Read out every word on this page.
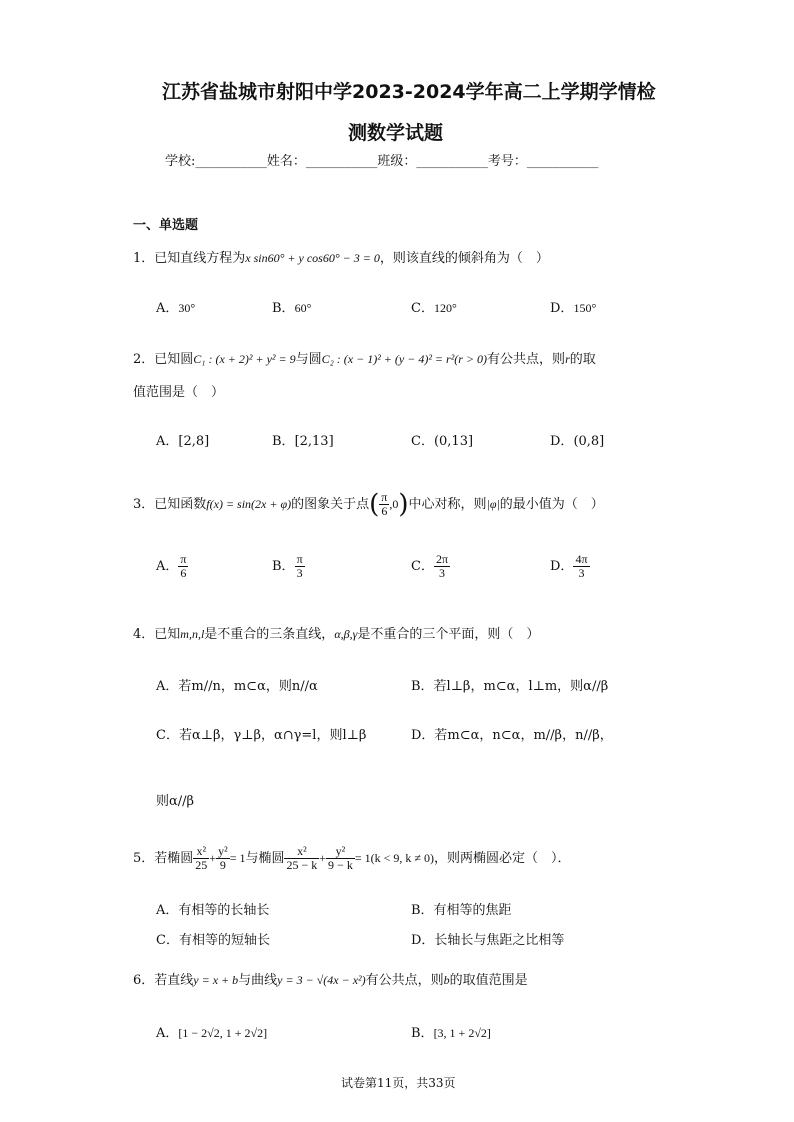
江苏省盐城市射阳中学2023-2024学年高二上学期学情检
测数学试题
学校:___________姓名：___________班级：___________考号：___________
一、单选题
1．已知直线方程为x sin60° + y cos60° − 3 = 0，则该直线的倾斜角为（　）
A．30°	B．60°	C．120°	D．150°
2．已知圆C₁ : (x + 2)² + y² = 9与圆C₂ : (x − 1)² + (y − 4)² = r²(r > 0)有公共点，则r的取
值范围是（　）
A．[2,8]	B．[2,13]	C．(0,13]	D．(0,8]
3．已知函数f(x) = sin(2x + φ)的图象关于点( $\frac{\pi}{6} ,0$)中心对称，则|φ|的最小值为（　）
A． $\frac{\pi}{6}$	B． $\frac{\pi}{3}$	C． $\frac{2\pi}{3}$	D． $\frac{4\pi}{3}$
4．已知m,n,l是不重合的三条直线，α,β,γ是不重合的三个平面，则（　）
A．若m//n，m⊂α，则n//α	B．若l⊥β，m⊂α，l⊥m，则α//β
C．若α⊥β，γ⊥β，α∩γ=l，则l⊥β	D．若m⊂α，n⊂α，m//β，n//β，
则α//β
5．若椭圆 $\frac{\text{x²}}{25} + \frac{\text{y²}}{9} = 1$与椭圆 $\frac{\text{x²}}{25 - k} + \frac{\text{y²}}{9 - k} = 1(k < 9$, k ≠ 0)，则两椭圆必定（　）．
A．有相等的长轴长	B．有相等的焦距
C．有相等的短轴长	D．长轴长与焦距之比相等
6．若直线y = x + b与曲线y = 3 − √(4x − x²)有公共点，则b的取值范围是
A．[1 − 2√2, 1 + 2√2]	B．[3, 1 + 2√2]
试卷第11页，共33页
